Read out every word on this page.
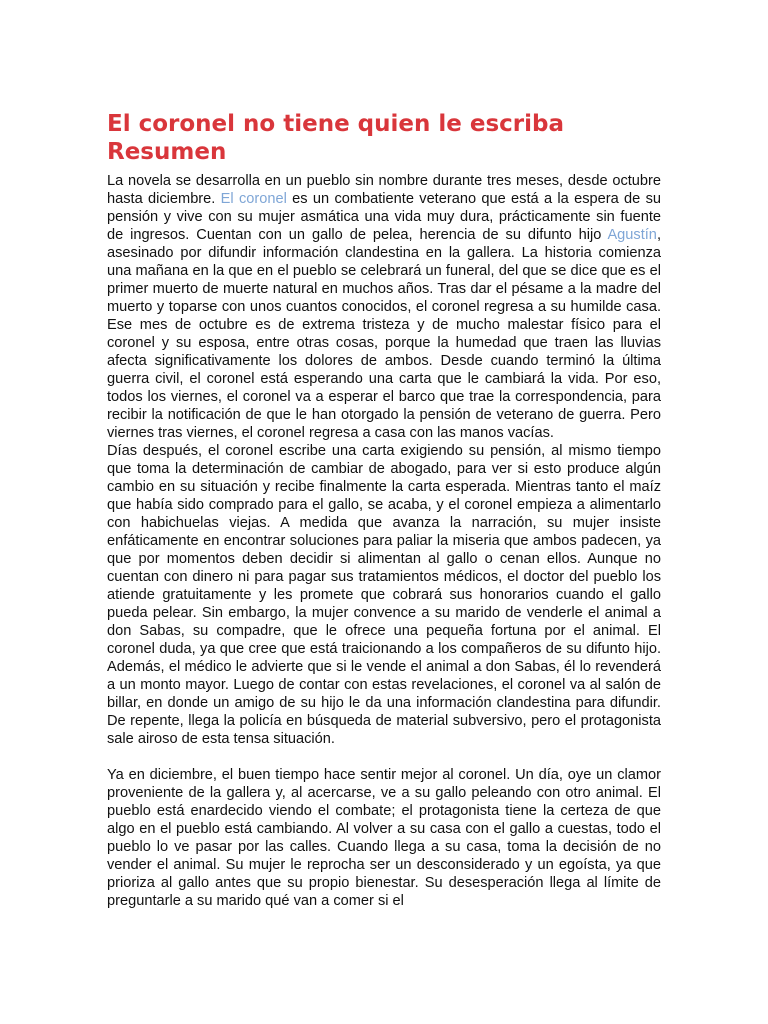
El coronel no tiene quien le escriba Resumen

La novela se desarrolla en un pueblo sin nombre durante tres meses, desde octubre hasta diciembre. El coronel es un combatiente veterano que está a la espera de su pensión y vive con su mujer asmática una vida muy dura, prácticamente sin fuente de ingresos. Cuentan con un gallo de pelea, herencia de su difunto hijo Agustín, asesinado por difundir información clandestina en la gallera. La historia comienza una mañana en la que en el pueblo se celebrará un funeral, del que se dice que es el primer muerto de muerte natural en muchos años. Tras dar el pésame a la madre del muerto y toparse con unos cuantos conocidos, el coronel regresa a su humilde casa. Ese mes de octubre es de extrema tristeza y de mucho malestar físico para el coronel y su esposa, entre otras cosas, porque la humedad que traen las lluvias afecta significativamente los dolores de ambos. Desde cuando terminó la última guerra civil, el coronel está esperando una carta que le cambiará la vida. Por eso, todos los viernes, el coronel va a esperar el barco que trae la correspondencia, para recibir la notificación de que le han otorgado la pensión de veterano de guerra. Pero viernes tras viernes, el coronel regresa a casa con las manos vacías.

Días después, el coronel escribe una carta exigiendo su pensión, al mismo tiempo que toma la determinación de cambiar de abogado, para ver si esto produce algún cambio en su situación y recibe finalmente la carta esperada. Mientras tanto el maíz que había sido comprado para el gallo, se acaba, y el coronel empieza a alimentarlo con habichuelas viejas. A medida que avanza la narración, su mujer insiste enfáticamente en encontrar soluciones para paliar la miseria que ambos padecen, ya que por momentos deben decidir si alimentan al gallo o cenan ellos. Aunque no cuentan con dinero ni para pagar sus tratamientos médicos, el doctor del pueblo los atiende gratuitamente y les promete que cobrará sus honorarios cuando el gallo pueda pelear. Sin embargo, la mujer convence a su marido de venderle el animal a don Sabas, su compadre, que le ofrece una pequeña fortuna por el animal. El coronel duda, ya que cree que está traicionando a los compañeros de su difunto hijo. Además, el médico le advierte que si le vende el animal a don Sabas, él lo revenderá a un monto mayor. Luego de contar con estas revelaciones, el coronel va al salón de billar, en donde un amigo de su hijo le da una información clandestina para difundir. De repente, llega la policía en búsqueda de material subversivo, pero el protagonista sale airoso de esta tensa situación.

Ya en diciembre, el buen tiempo hace sentir mejor al coronel. Un día, oye un clamor proveniente de la gallera y, al acercarse, ve a su gallo peleando con otro animal. El pueblo está enardecido viendo el combate; el protagonista tiene la certeza de que algo en el pueblo está cambiando. Al volver a su casa con el gallo a cuestas, todo el pueblo lo ve pasar por las calles. Cuando llega a su casa, toma la decisión de no vender el animal. Su mujer le reprocha ser un desconsiderado y un egoísta, ya que prioriza al gallo antes que su propio bienestar. Su desesperación llega al límite de preguntarle a su marido qué van a comer si el
